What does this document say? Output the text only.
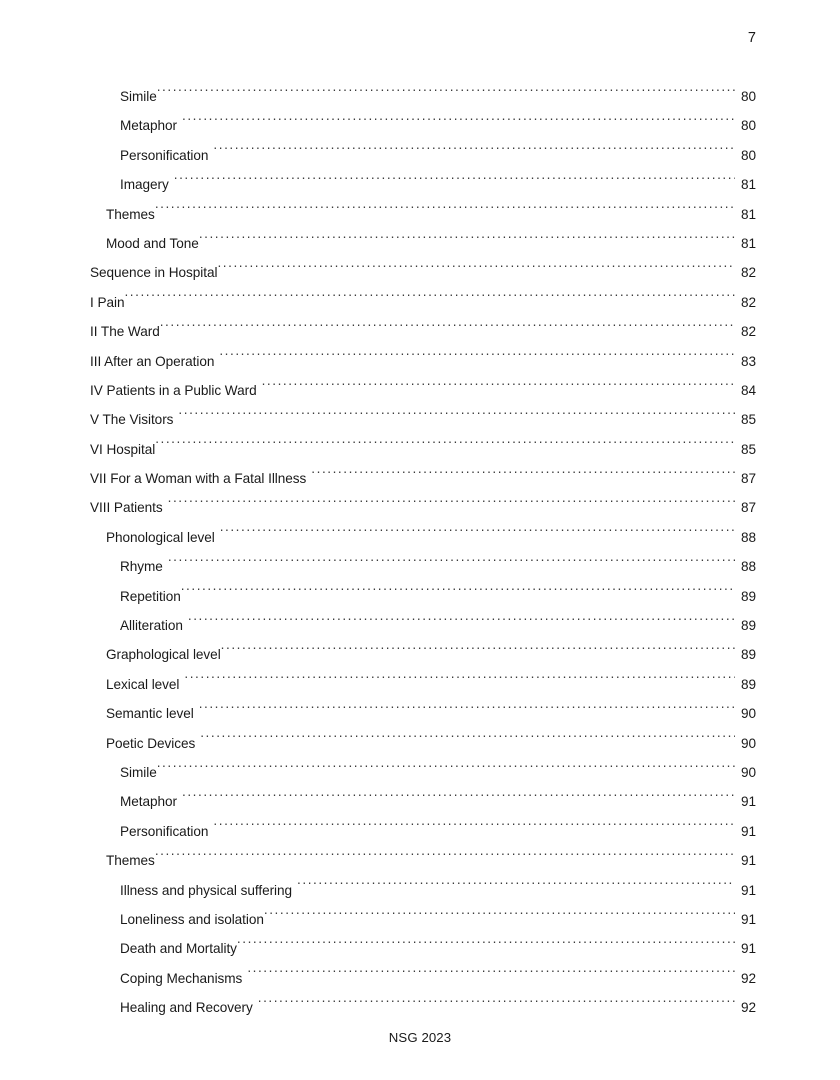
7
Simile .....	80
Metaphor .....	80
Personification .....	80
Imagery .....	81
Themes .....	81
Mood and Tone .....	81
Sequence in Hospital .....	82
I Pain .....	82
II The Ward .....	82
III After an Operation .....	83
IV Patients in a Public Ward .....	84
V The Visitors .....	85
VI Hospital .....	85
VII For a Woman with a Fatal Illness .....	87
VIII Patients .....	87
Phonological level .....	88
Rhyme .....	88
Repetition .....	89
Alliteration .....	89
Graphological level .....	89
Lexical level .....	89
Semantic level .....	90
Poetic Devices .....	90
Simile .....	90
Metaphor .....	91
Personification .....	91
Themes .....	91
Illness and physical suffering .....	91
Loneliness and isolation .....	91
Death and Mortality .....	91
Coping Mechanisms .....	92
Healing and Recovery .....	92
NSG 2023
